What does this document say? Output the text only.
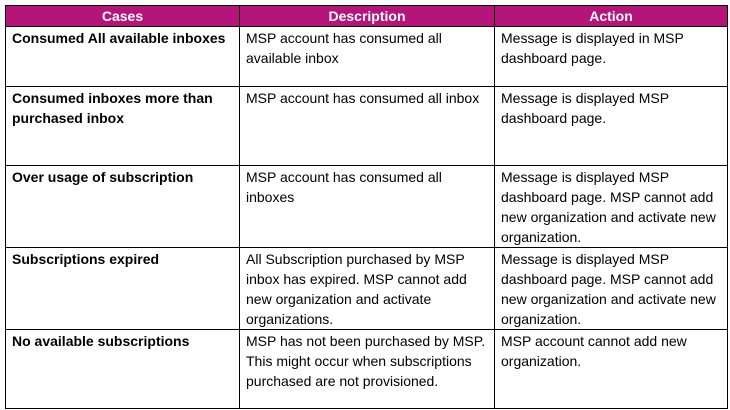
Cases	Description	Action
Consumed All available inboxes	MSP account has consumed all available inbox	Message is displayed in MSP dashboard page.
Consumed inboxes more than purchased inbox	MSP account has consumed all inbox	Message is displayed MSP dashboard page.
Over usage of subscription	MSP account has consumed all inboxes	Message is displayed MSP dashboard page. MSP cannot add new organization and activate new organization.
Subscriptions expired	All Subscription purchased by MSP inbox has expired. MSP cannot add new organization and activate organizations.	Message is displayed MSP dashboard page. MSP cannot add new organization and activate new organization.
No available subscriptions	MSP has not been purchased by MSP. This might occur when subscriptions purchased are not provisioned.	MSP account cannot add new organization.
